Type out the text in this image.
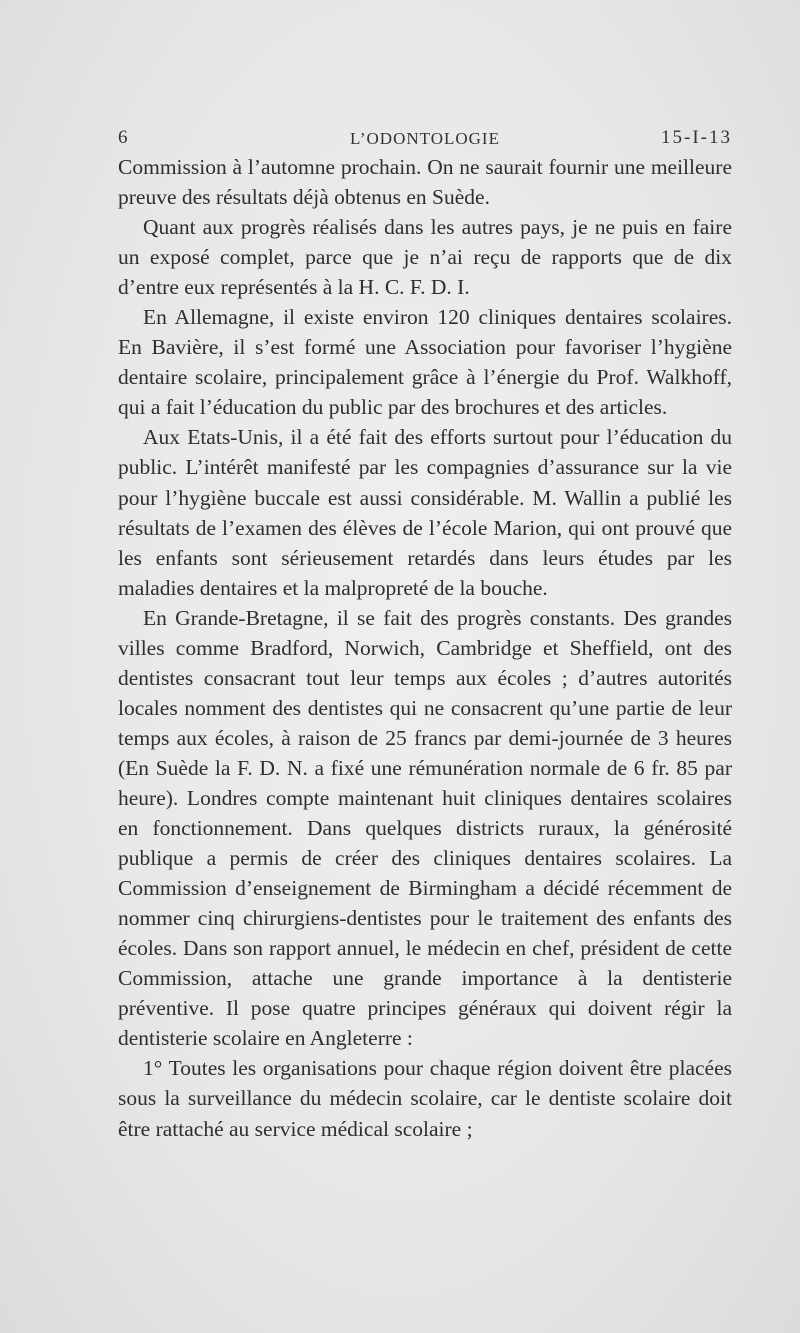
6	L’ODONTOLOGIE	15-I-13

Commission à l’automne prochain. On ne saurait fournir une meilleure preuve des résultats déjà obtenus en Suède.

Quant aux progrès réalisés dans les autres pays, je ne puis en faire un exposé complet, parce que je n’ai reçu de rapports que de dix d’entre eux représentés à la H. C. F. D. I.

En Allemagne, il existe environ 120 cliniques dentaires scolaires. En Bavière, il s’est formé une Association pour favoriser l’hygiène dentaire scolaire, principalement grâce à l’énergie du Prof. Walkhoff, qui a fait l’éducation du public par des brochures et des articles.

Aux Etats-Unis, il a été fait des efforts surtout pour l’éducation du public. L’intérêt manifesté par les compagnies d’assurance sur la vie pour l’hygiène buccale est aussi considérable. M. Wallin a publié les résultats de l’examen des élèves de l’école Marion, qui ont prouvé que les enfants sont sérieusement retardés dans leurs études par les maladies dentaires et la malpropreté de la bouche.

En Grande-Bretagne, il se fait des progrès constants. Des grandes villes comme Bradford, Norwich, Cambridge et Sheffield, ont des dentistes consacrant tout leur temps aux écoles ; d’autres autorités locales nomment des dentistes qui ne consacrent qu’une partie de leur temps aux écoles, à raison de 25 francs par demi-journée de 3 heures (En Suède la F. D. N. a fixé une rémunération normale de 6 fr. 85 par heure). Londres compte maintenant huit cliniques dentaires scolaires en fonctionnement. Dans quelques districts ruraux, la générosité publique a permis de créer des cliniques dentaires scolaires. La Commission d’enseignement de Birmingham a décidé récemment de nommer cinq chirurgiens-dentistes pour le traitement des enfants des écoles. Dans son rapport annuel, le médecin en chef, président de cette Commission, attache une grande importance à la dentisterie préventive. Il pose quatre principes généraux qui doivent régir la dentisterie scolaire en Angleterre :

1° Toutes les organisations pour chaque région doivent être placées sous la surveillance du médecin scolaire, car le dentiste scolaire doit être rattaché au service médical scolaire ;
